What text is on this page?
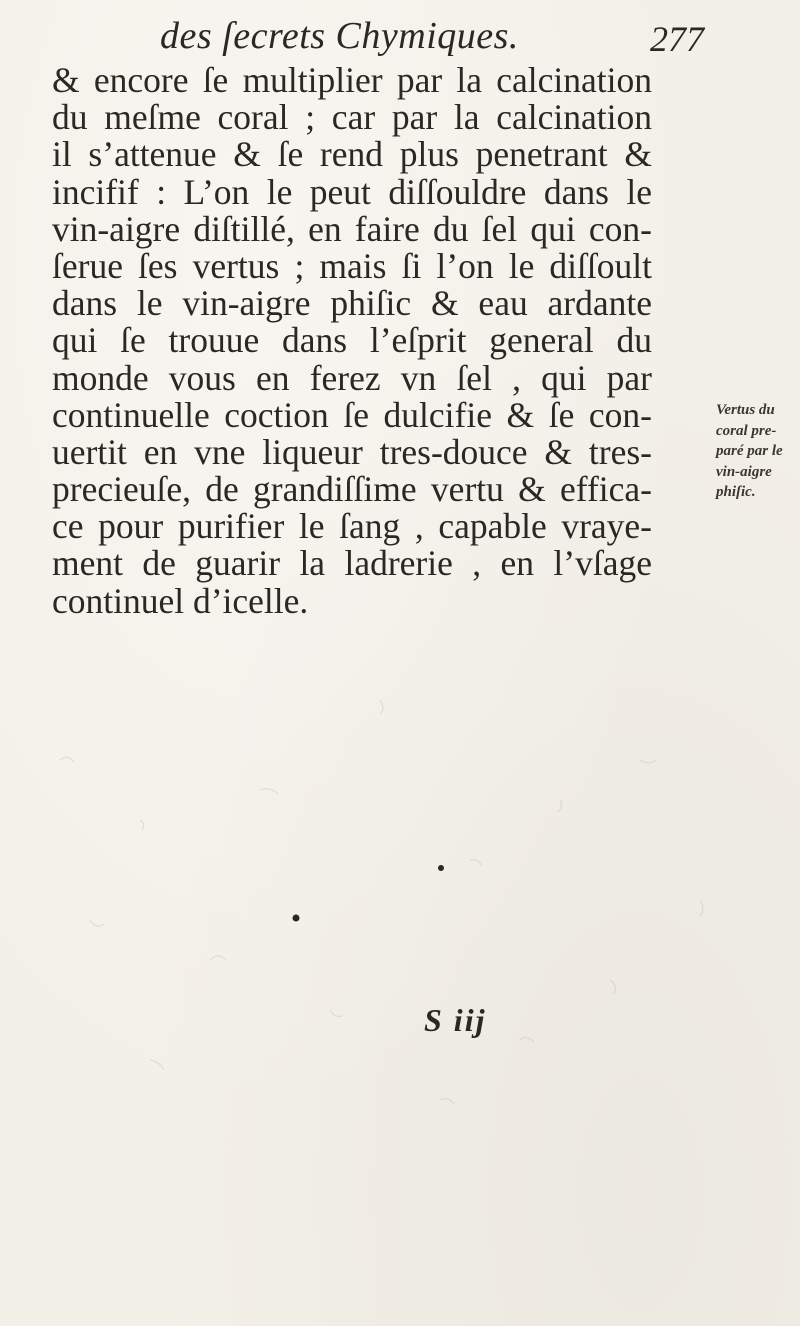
des ſecrets Chymiques.	277
& encore ſe multiplier par la calcination
du meſme coral ; car par la calcination
il s’attenue & ſe rend plus penetrant &
incifif : L’on le peut diſſouldre dans le
vin-aigre diſtillé, en faire du ſel qui con-
ſerue ſes vertus ; mais ſi l’on le diſſoult
dans le vin-aigre phiſic & eau ardante
qui ſe trouue dans l’eſprit general du
monde vous en ferez vn ſel , qui par
continuelle coction ſe dulcifie & ſe con-
uertit en vne liqueur tres-douce & tres-
precieuſe, de grandiſſime vertu & effica-
ce pour purifier le ſang , capable vraye-
ment de guarir la ladrerie , en l’vſage
continuel d’icelle.
Vertus du
coral pre-
paré par le
vin-aigre
phiſic.
S iij
